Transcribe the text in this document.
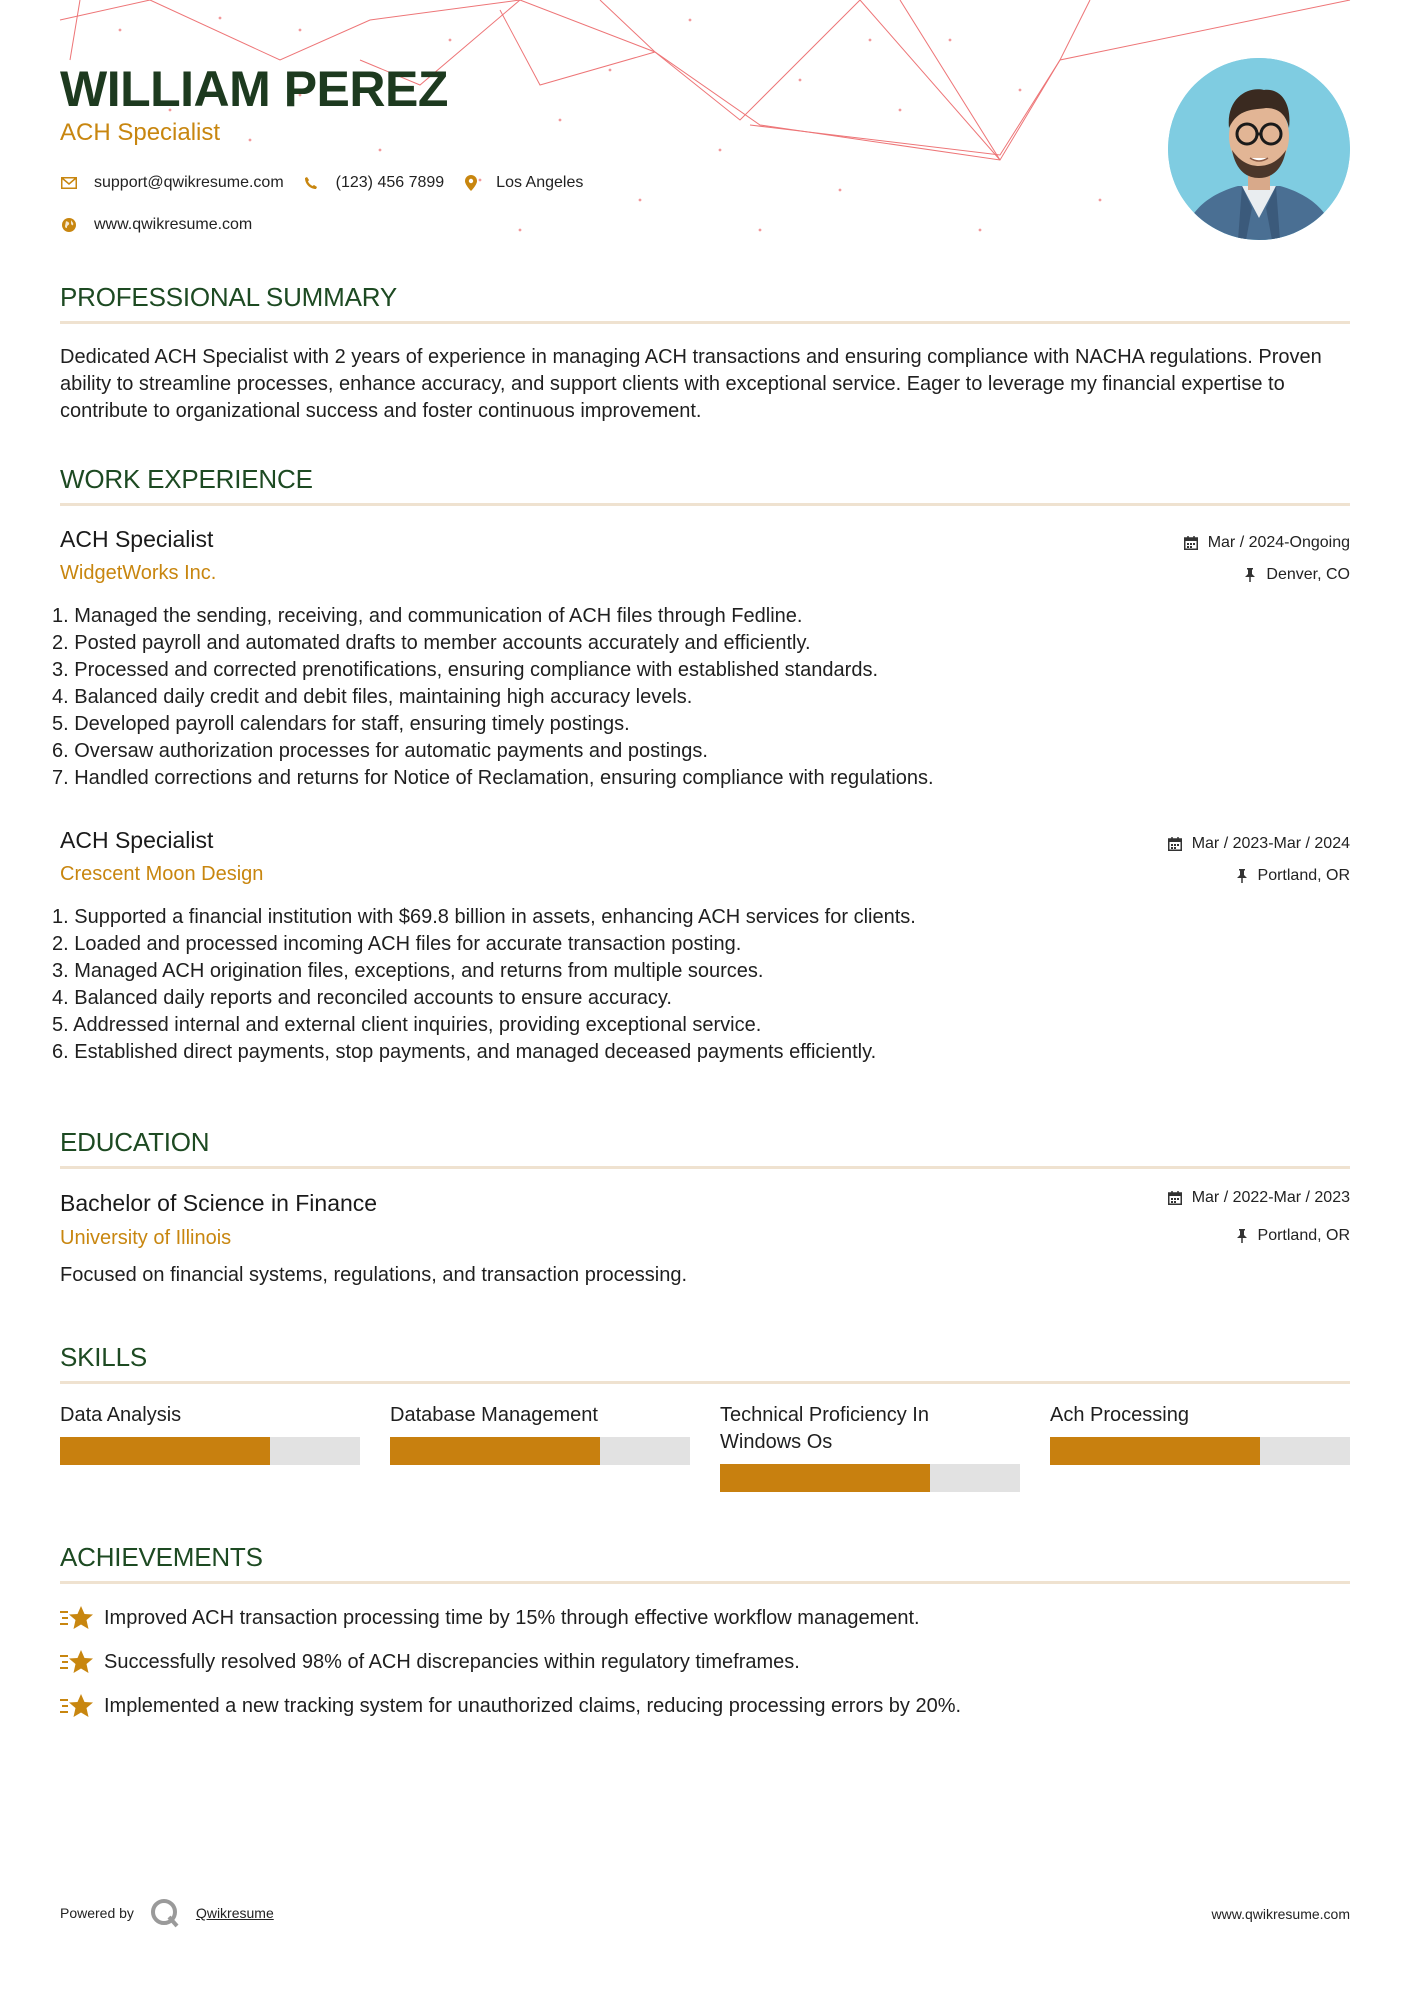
WILLIAM PEREZ
ACH Specialist
support@qwikresume.com	(123) 456 7899	Los Angeles
www.qwikresume.com
PROFESSIONAL SUMMARY
Dedicated ACH Specialist with 2 years of experience in managing ACH transactions and ensuring compliance with NACHA regulations. Proven ability to streamline processes, enhance accuracy, and support clients with exceptional service. Eager to leverage my financial expertise to contribute to organizational success and foster continuous improvement.
WORK EXPERIENCE
ACH Specialist
WidgetWorks Inc.
Mar / 2024-Ongoing
Denver, CO
1. Managed the sending, receiving, and communication of ACH files through Fedline.
2. Posted payroll and automated drafts to member accounts accurately and efficiently.
3. Processed and corrected prenotifications, ensuring compliance with established standards.
4. Balanced daily credit and debit files, maintaining high accuracy levels.
5. Developed payroll calendars for staff, ensuring timely postings.
6. Oversaw authorization processes for automatic payments and postings.
7. Handled corrections and returns for Notice of Reclamation, ensuring compliance with regulations.
ACH Specialist
Crescent Moon Design
Mar / 2023-Mar / 2024
Portland, OR
1. Supported a financial institution with $69.8 billion in assets, enhancing ACH services for clients.
2. Loaded and processed incoming ACH files for accurate transaction posting.
3. Managed ACH origination files, exceptions, and returns from multiple sources.
4. Balanced daily reports and reconciled accounts to ensure accuracy.
5. Addressed internal and external client inquiries, providing exceptional service.
6. Established direct payments, stop payments, and managed deceased payments efficiently.
EDUCATION
Bachelor of Science in Finance
University of Illinois
Mar / 2022-Mar / 2023
Portland, OR
Focused on financial systems, regulations, and transaction processing.
SKILLS
Data Analysis	Database Management	Technical Proficiency In Windows Os
Ach Processing
ACHIEVEMENTS
Improved ACH transaction processing time by 15% through effective workflow management.
Successfully resolved 98% of ACH discrepancies within regulatory timeframes.
Implemented a new tracking system for unauthorized claims, reducing processing errors by 20%.
Powered by	Qwikresume	www.qwikresume.com
